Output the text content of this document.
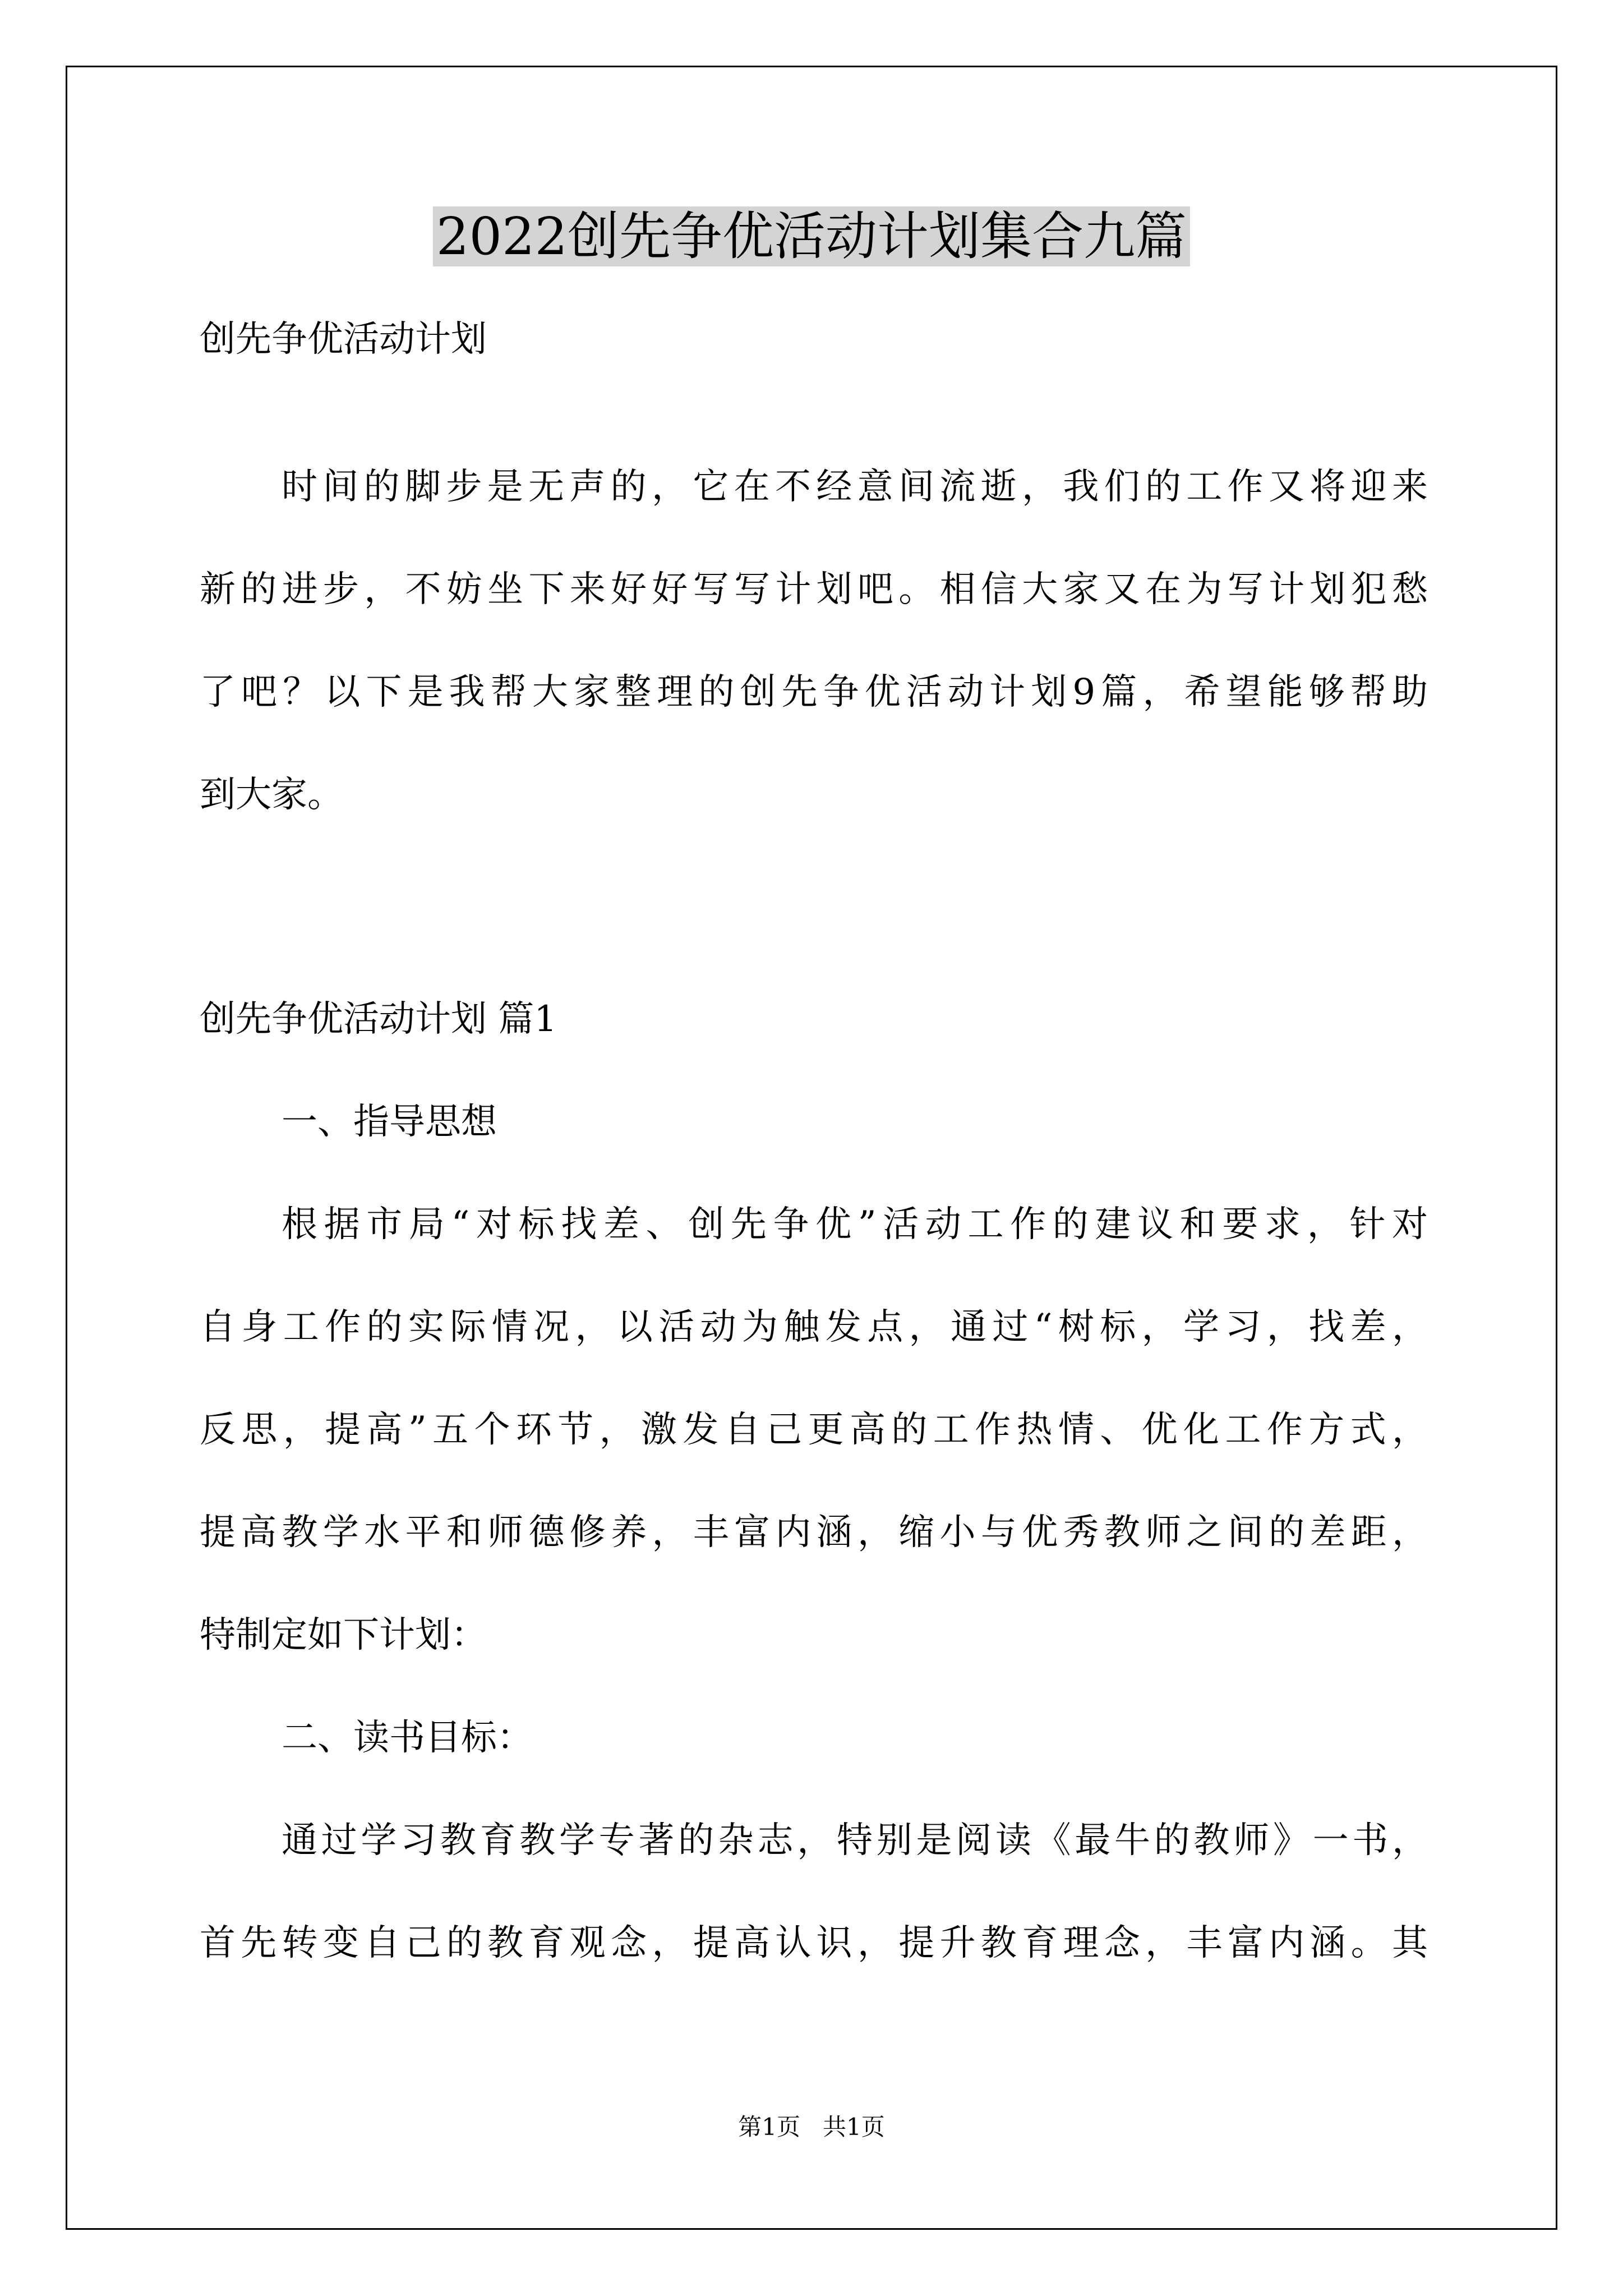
2022创先争优活动计划集合九篇

创先争优活动计划

时间的脚步是无声的，它在不经意间流逝，我们的工作又将迎来

新的进步，不妨坐下来好好写写计划吧。相信大家又在为写计划犯愁

了吧？以下是我帮大家整理的创先争优活动计划9篇，希望能够帮助

到大家。

创先争优活动计划 篇1

一、指导思想

根据市局“对标找差、创先争优”活动工作的建议和要求，针对

自身工作的实际情况，以活动为触发点，通过“树标，学习，找差，

反思，提高”五个环节，激发自己更高的工作热情、优化工作方式，

提高教学水平和师德修养，丰富内涵，缩小与优秀教师之间的差距，

特制定如下计划：

二、读书目标：

通过学习教育教学专著的杂志，特别是阅读《最牛的教师》一书，

首先转变自己的教育观念，提高认识，提升教育理念，丰富内涵。其

第1页   共1页
